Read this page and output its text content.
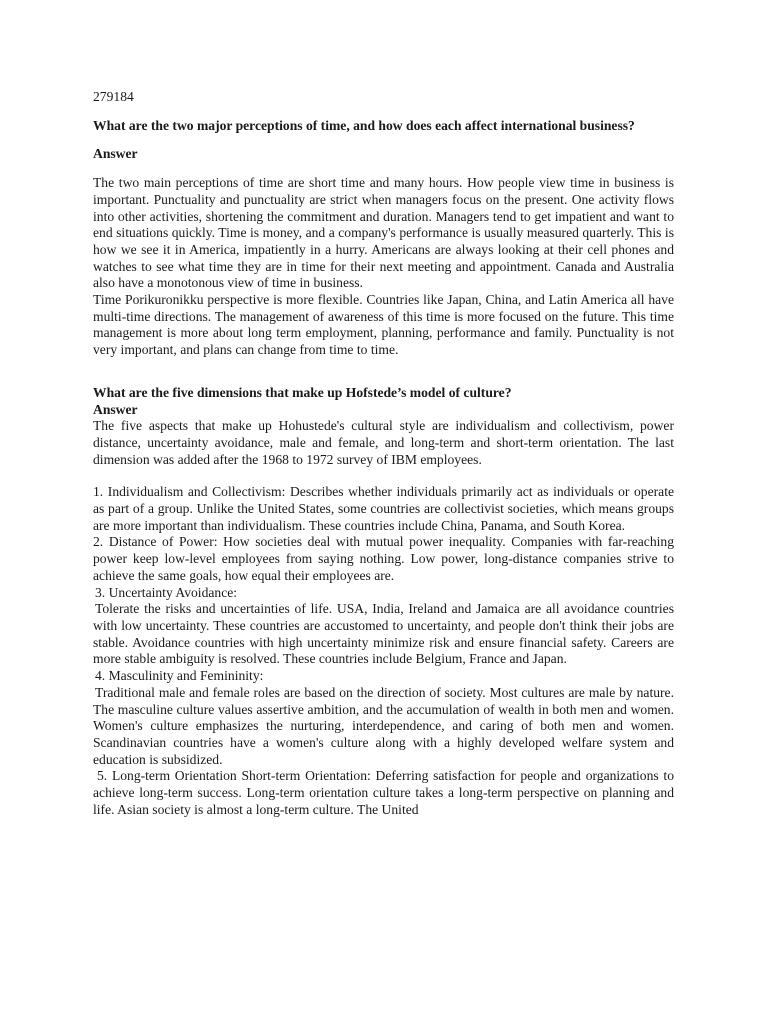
279184
What are the two major perceptions of time, and how does each affect international business?
Answer

The two main perceptions of time are short time and many hours. How people view time in business is important. Punctuality and punctuality are strict when managers focus on the present. One activity flows into other activities, shortening the commitment and duration. Managers tend to get impatient and want to end situations quickly. Time is money, and a company's performance is usually measured quarterly. This is how we see it in America, impatiently in a hurry. Americans are always looking at their cell phones and watches to see what time they are in time for their next meeting and appointment. Canada and Australia also have a monotonous view of time in business.

Time Porikuronikku perspective is more flexible. Countries like Japan, China, and Latin America all have multi-time directions. The management of awareness of this time is more focused on the future. This time management is more about long term employment, planning, performance and family. Punctuality is not very important, and plans can change from time to time.

What are the five dimensions that make up Hofstede’s model of culture?
Answer

The five aspects that make up Hohustede's cultural style are individualism and collectivism, power distance, uncertainty avoidance, male and female, and long-term and short-term orientation. The last dimension was added after the 1968 to 1972 survey of IBM employees.

1. Individualism and Collectivism: Describes whether individuals primarily act as individuals or operate as part of a group. Unlike the United States, some countries are collectivist societies, which means groups are more important than individualism. These countries include China, Panama, and South Korea.

2. Distance of Power: How societies deal with mutual power inequality. Companies with far-reaching power keep low-level employees from saying nothing. Low power, long-distance companies strive to achieve the same goals, how equal their employees are.

3. Uncertainty Avoidance:

Tolerate the risks and uncertainties of life. USA, India, Ireland and Jamaica are all avoidance countries with low uncertainty. These countries are accustomed to uncertainty, and people don't think their jobs are stable. Avoidance countries with high uncertainty minimize risk and ensure financial safety. Careers are more stable ambiguity is resolved. These countries include Belgium, France and Japan.

4. Masculinity and Femininity:

Traditional male and female roles are based on the direction of society. Most cultures are male by nature. The masculine culture values assertive ambition, and the accumulation of wealth in both men and women. Women's culture emphasizes the nurturing, interdependence, and caring of both men and women. Scandinavian countries have a women's culture along with a highly developed welfare system and education is subsidized.

5. Long-term Orientation Short-term Orientation: Deferring satisfaction for people and organizations to achieve long-term success. Long-term orientation culture takes a long-term perspective on planning and life. Asian society is almost a long-term culture. The United
